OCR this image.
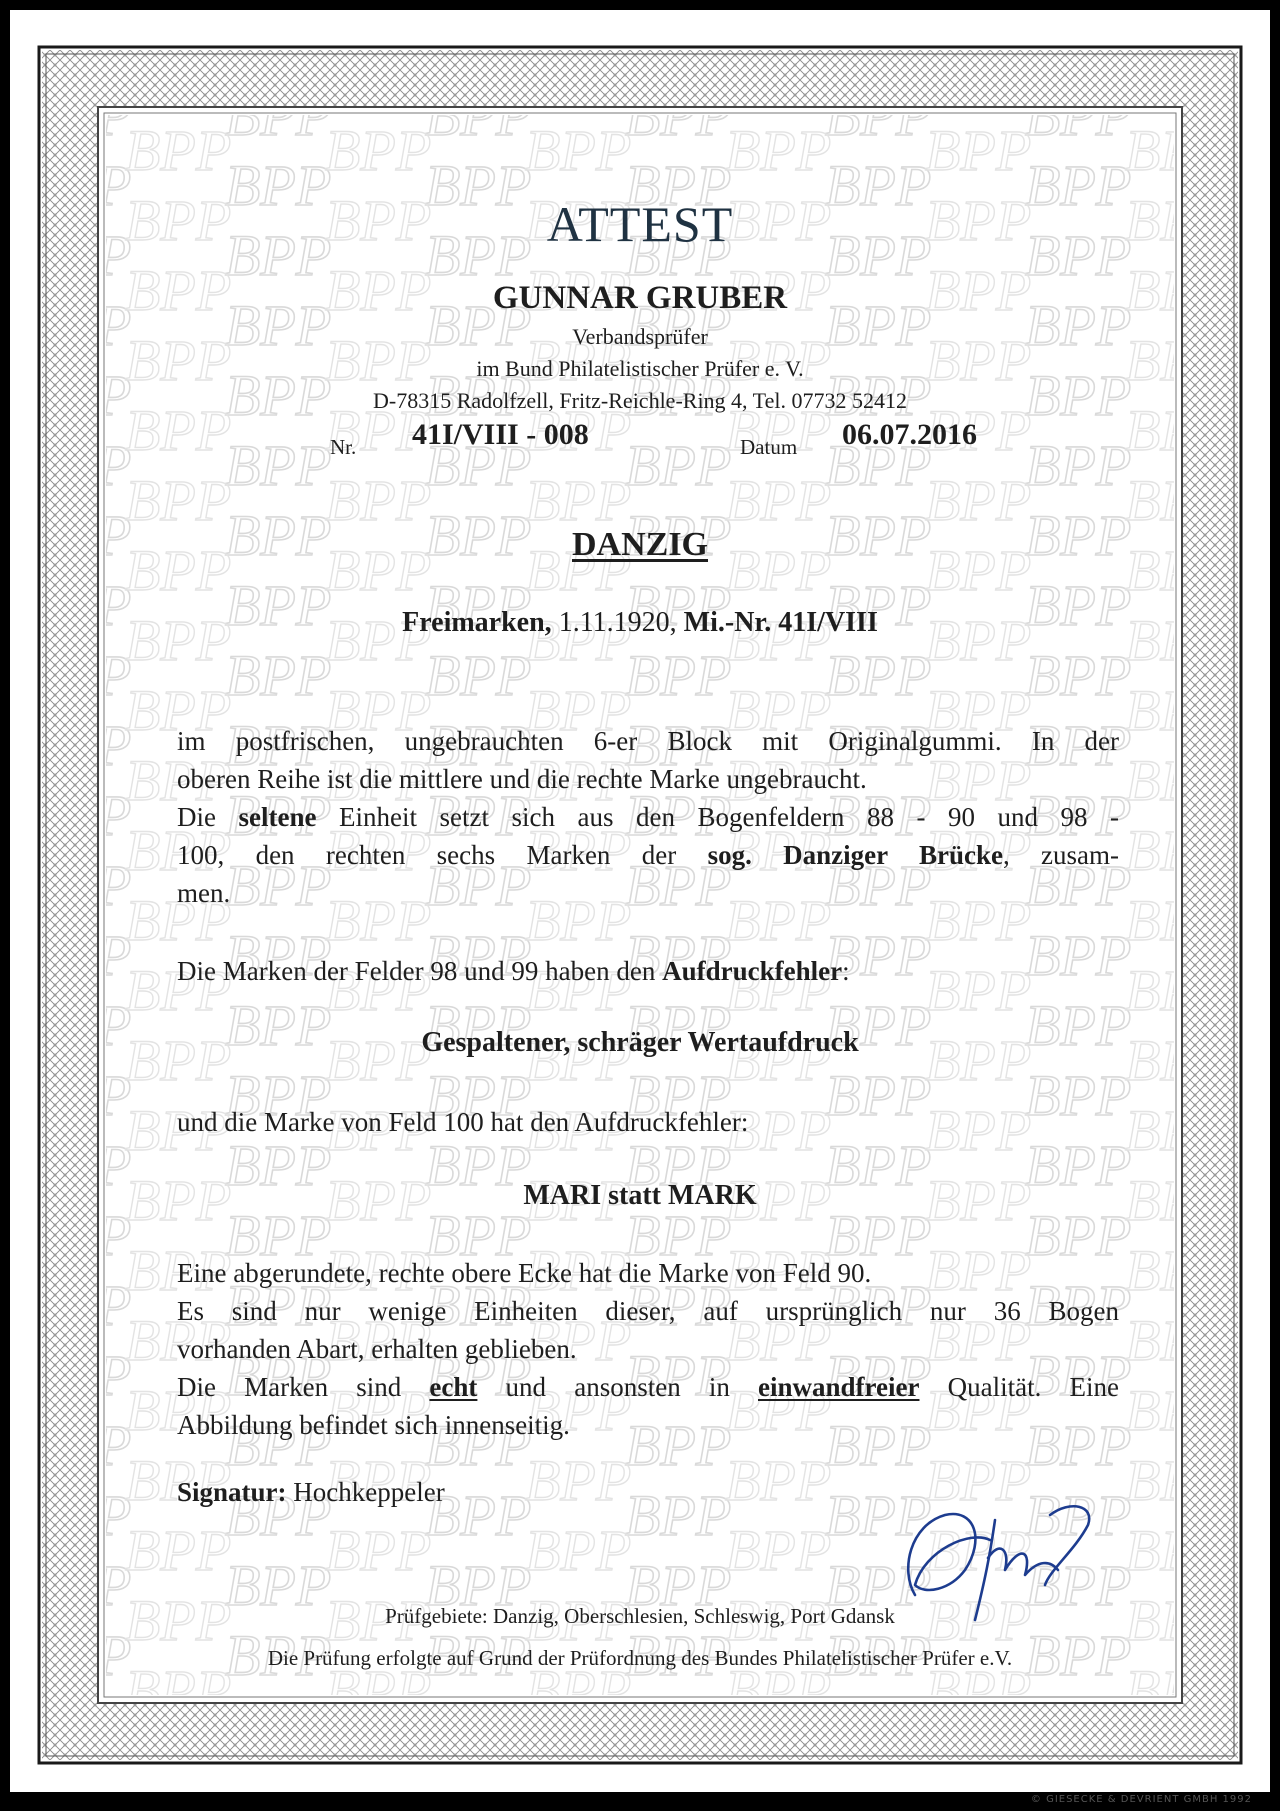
ATTEST
GUNNAR GRUBER
Verbandsprüfer
im Bund Philatelistischer Prüfer e. V.
D-78315 Radolfzell, Fritz-Reichle-Ring 4, Tel. 07732 52412
Nr. 41I/VIII - 008	Datum 06.07.2016
DANZIG
Freimarken, 1.11.1920, Mi.-Nr. 41I/VIII
im postfrischen, ungebrauchten 6-er Block mit Originalgummi. In der
oberen Reihe ist die mittlere und die rechte Marke ungebraucht.
Die seltene Einheit setzt sich aus den Bogenfeldern 88 - 90 und 98 -
100, den rechten sechs Marken der sog. Danziger Brücke, zusam-
men.
Die Marken der Felder 98 und 99 haben den Aufdruckfehler:
Gespaltener, schräger Wertaufdruck
und die Marke von Feld 100 hat den Aufdruckfehler:
MARI statt MARK
Eine abgerundete, rechte obere Ecke hat die Marke von Feld 90.
Es sind nur wenige Einheiten dieser, auf ursprünglich nur 36 Bogen
vorhanden Abart, erhalten geblieben.
Die Marken sind echt und ansonsten in einwandfreier Qualität. Eine
Abbildung befindet sich innenseitig.
Signatur: Hochkeppeler
Prüfgebiete: Danzig, Oberschlesien, Schleswig, Port Gdansk
Die Prüfung erfolgte auf Grund der Prüfordnung des Bundes Philatelistischer Prüfer e.V.
© GIESECKE & DEVRIENT GMBH 1992
